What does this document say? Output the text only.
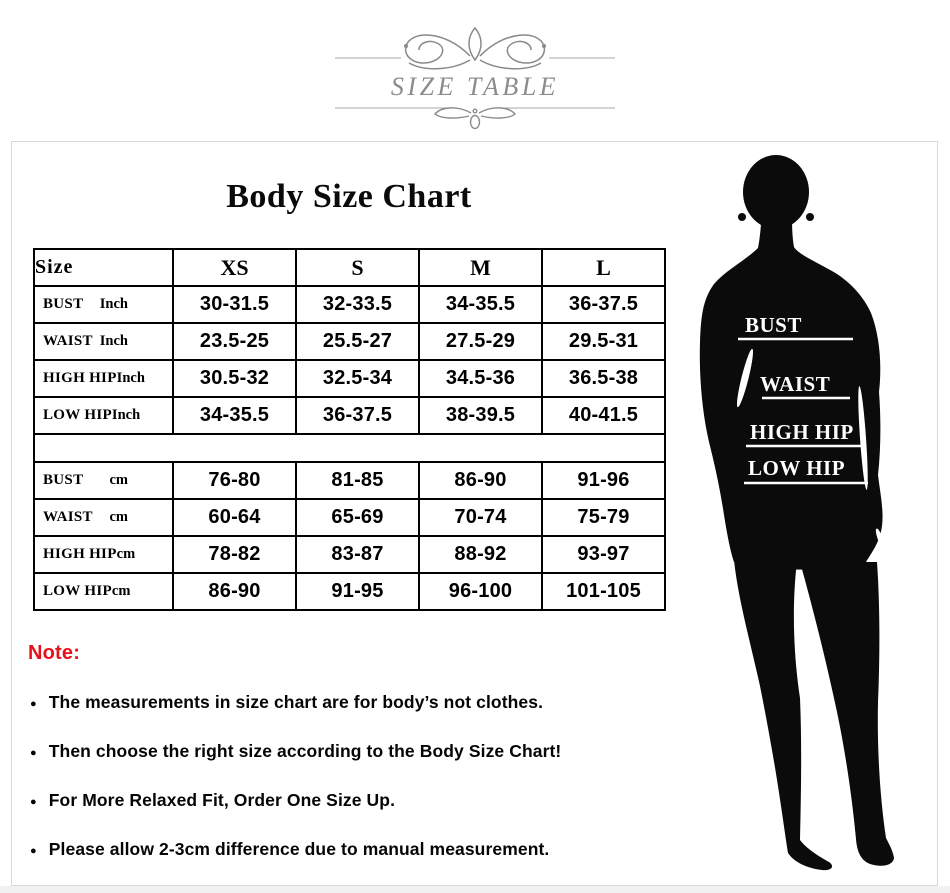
SIZE TABLE
Body Size Chart
Size	XS	S	M	L

BUST Inch	30-31.5	32-33.5	34-35.5	36-37.5

WAIST Inch	23.5-25	25.5-27	27.5-29	29.5-31

HIGH HIP Inch	30.5-32	32.5-34	34.5-36	36.5-38

LOW HIP Inch	34-35.5	36-37.5	38-39.5	40-41.5

BUST cm	76-80	81-85	86-90	91-96

WAIST cm	60-64	65-69	70-74	75-79

HIGH HIP cm	78-82	83-87	88-92	93-97

LOW HIP cm	86-90	91-95	96-100	101-105
BUST
WAIST
HIGH HIP
LOW HIP
Note:
● The measurements in size chart are for body’s not clothes.
● Then choose the right size according to the Body Size Chart!
● For More Relaxed Fit, Order One Size Up.
● Please allow 2-3cm difference due to manual measurement.
